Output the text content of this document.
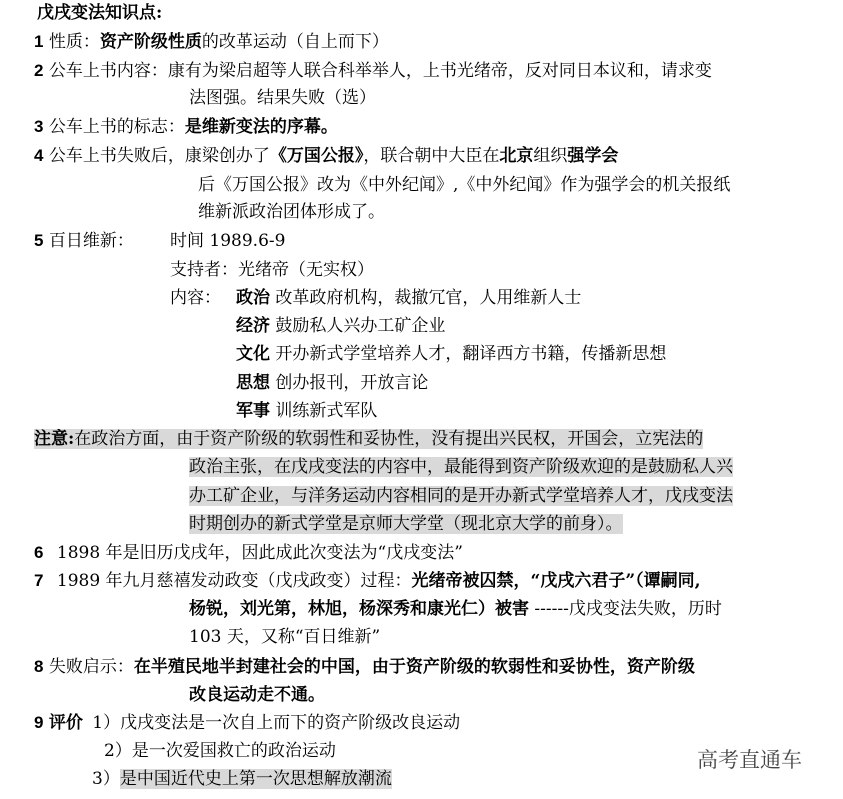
戊戌变法知识点:
1 性质：资产阶级性质的改革运动（自上而下）
2 公车上书内容：康有为梁启超等人联合科举举人，上书光绪帝，反对同日本议和，请求变
法图强。结果失败（选）
3 公车上书的标志：是维新变法的序幕。
4 公车上书失败后，康梁创办了《万国公报》，联合朝中大臣在北京组织强学会
后《万国公报》改为《中外纪闻》,《中外纪闻》作为强学会的机关报纸
维新派政治团体形成了。
5 百日维新： 时间 1989.6-9
支持者：光绪帝（无实权）
内容： 政治 改革政府机构，裁撤冗官，人用维新人士
经济 鼓励私人兴办工矿企业
文化 开办新式学堂培养人才，翻译西方书籍，传播新思想
思想 创办报刊，开放言论
军事 训练新式军队
注意:在政治方面，由于资产阶级的软弱性和妥协性，没有提出兴民权，开国会，立宪法的
政治主张，在戊戌变法的内容中，最能得到资产阶级欢迎的是鼓励私人兴
办工矿企业，与洋务运动内容相同的是开办新式学堂培养人才，戊戌变法
时期创办的新式学堂是京师大学堂（现北京大学的前身）。
6 1898 年是旧历戊戌年，因此成此次变法为“戊戌变法”
7 1989 年九月慈禧发动政变（戊戌政变）过程：光绪帝被囚禁，“戊戌六君子”（谭嗣同,
杨锐，刘光第，林旭，杨深秀和康光仁）被害 ------戊戌变法失败，历时
103 天，又称“百日维新”
8 失败启示：在半殖民地半封建社会的中国，由于资产阶级的软弱性和妥协性，资产阶级
改良运动走不通。
9 评价 1）戊戌变法是一次自上而下的资产阶级改良运动
2）是一次爱国救亡的政治运动
3）是中国近代史上第一次思想解放潮流
高考直通车
